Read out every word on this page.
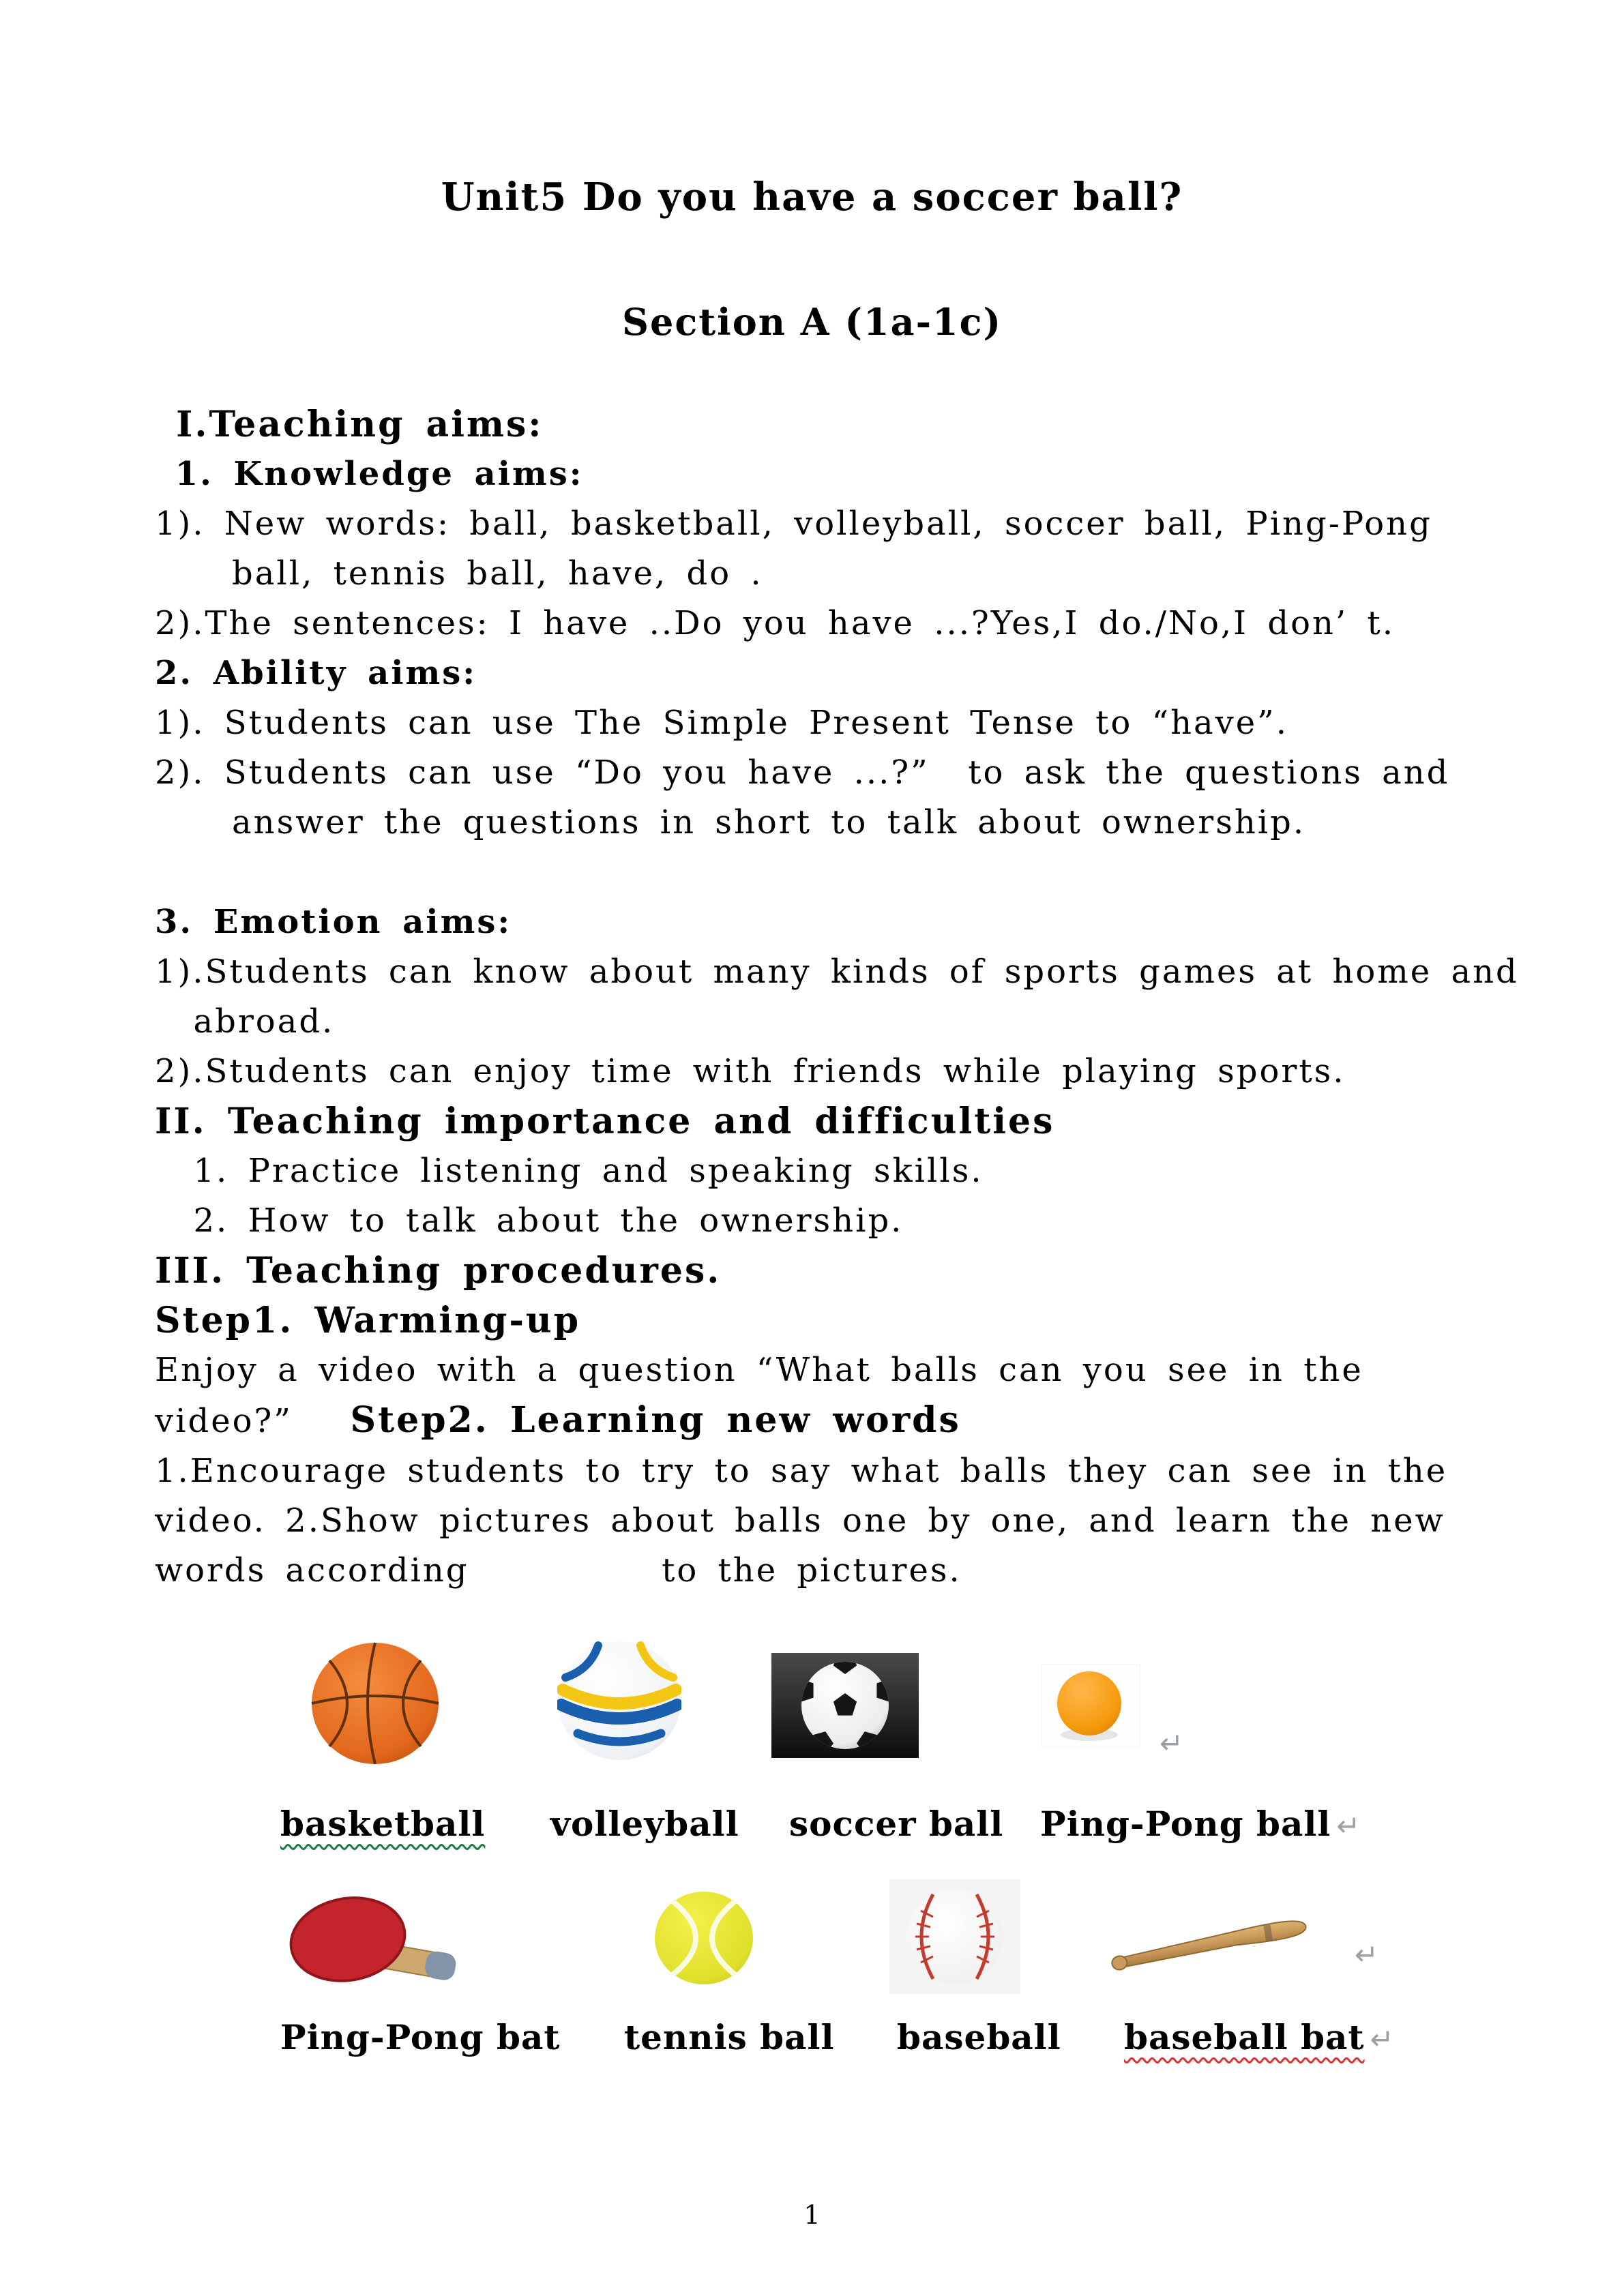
Unit5 Do you have a soccer ball?
Section A (1a-1c)
I.Teaching aims:
1. Knowledge aims:
1). New words: ball, basketball, volleyball, soccer ball, Ping-Pong
ball, tennis ball, have, do .
2).The sentences: I have ..Do you have ...?Yes,I do./No,I don’ t.
2. Ability aims:
1). Students can use The Simple Present Tense to “have”.
2). Students can use “Do you have ...?”  to ask the questions and
answer the questions in short to talk about ownership.
3. Emotion aims:
1).Students can know about many kinds of sports games at home and
abroad.
2).Students can enjoy time with friends while playing sports.
II. Teaching importance and difficulties
1. Practice listening and speaking skills.
2. How to talk about the ownership.
III. Teaching procedures.
Step1. Warming-up
Enjoy a video with a question “What balls can you see in the
video?”   Step2. Learning new words
1.Encourage students to try to say what balls they can see in the
video. 2.Show pictures about balls one by one, and learn the new
words according          to the pictures.
↵
basketball volleyball soccer ball Ping-Pong ball ↵
↵
Ping-Pong bat tennis ball baseball baseball bat ↵
1
